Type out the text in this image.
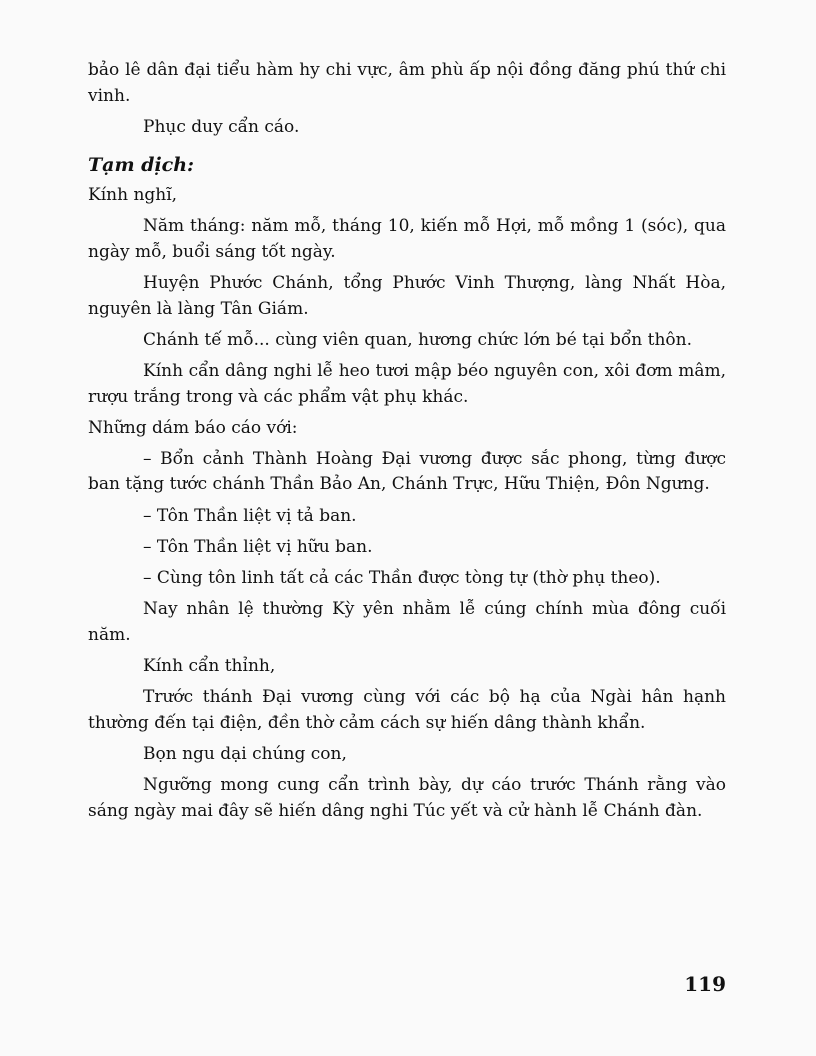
bảo lê dân đại tiểu hàm hy chi vực, âm phù ấp nội đồng đăng phú thứ chi vinh.

Phục duy cẩn cáo.

Tạm dịch:

Kính nghĩ,

Năm tháng: năm mỗ, tháng 10, kiến mỗ Hợi, mỗ mồng 1 (sóc), qua ngày mỗ, buổi sáng tốt ngày.

Huyện Phước Chánh, tổng Phước Vinh Thượng, làng Nhất Hòa, nguyên là làng Tân Giám.

Chánh tế mỗ... cùng viên quan, hương chức lớn bé tại bổn thôn.

Kính cẩn dâng nghi lễ heo tươi mập béo nguyên con, xôi đơm mâm, rượu trắng trong và các phẩm vật phụ khác.

Những dám báo cáo với:

– Bổn cảnh Thành Hoàng Đại vương được sắc phong, từng được ban tặng tước chánh Thần Bảo An, Chánh Trực, Hữu Thiện, Đôn Ngưng.

– Tôn Thần liệt vị tả ban.

– Tôn Thần liệt vị hữu ban.

– Cùng tôn linh tất cả các Thần được tòng tự (thờ phụ theo).

Nay nhân lệ thường Kỳ yên nhằm lễ cúng chính mùa đông cuối năm.

Kính cẩn thỉnh,

Trước thánh Đại vương cùng với các bộ hạ của Ngài hân hạnh thường đến tại điện, đền thờ cảm cách sự hiến dâng thành khẩn.

Bọn ngu dại chúng con,

Ngưỡng mong cung cẩn trình bày, dự cáo trước Thánh rằng vào sáng ngày mai đây sẽ hiến dâng nghi Túc yết và cử hành lễ Chánh đàn.

119
